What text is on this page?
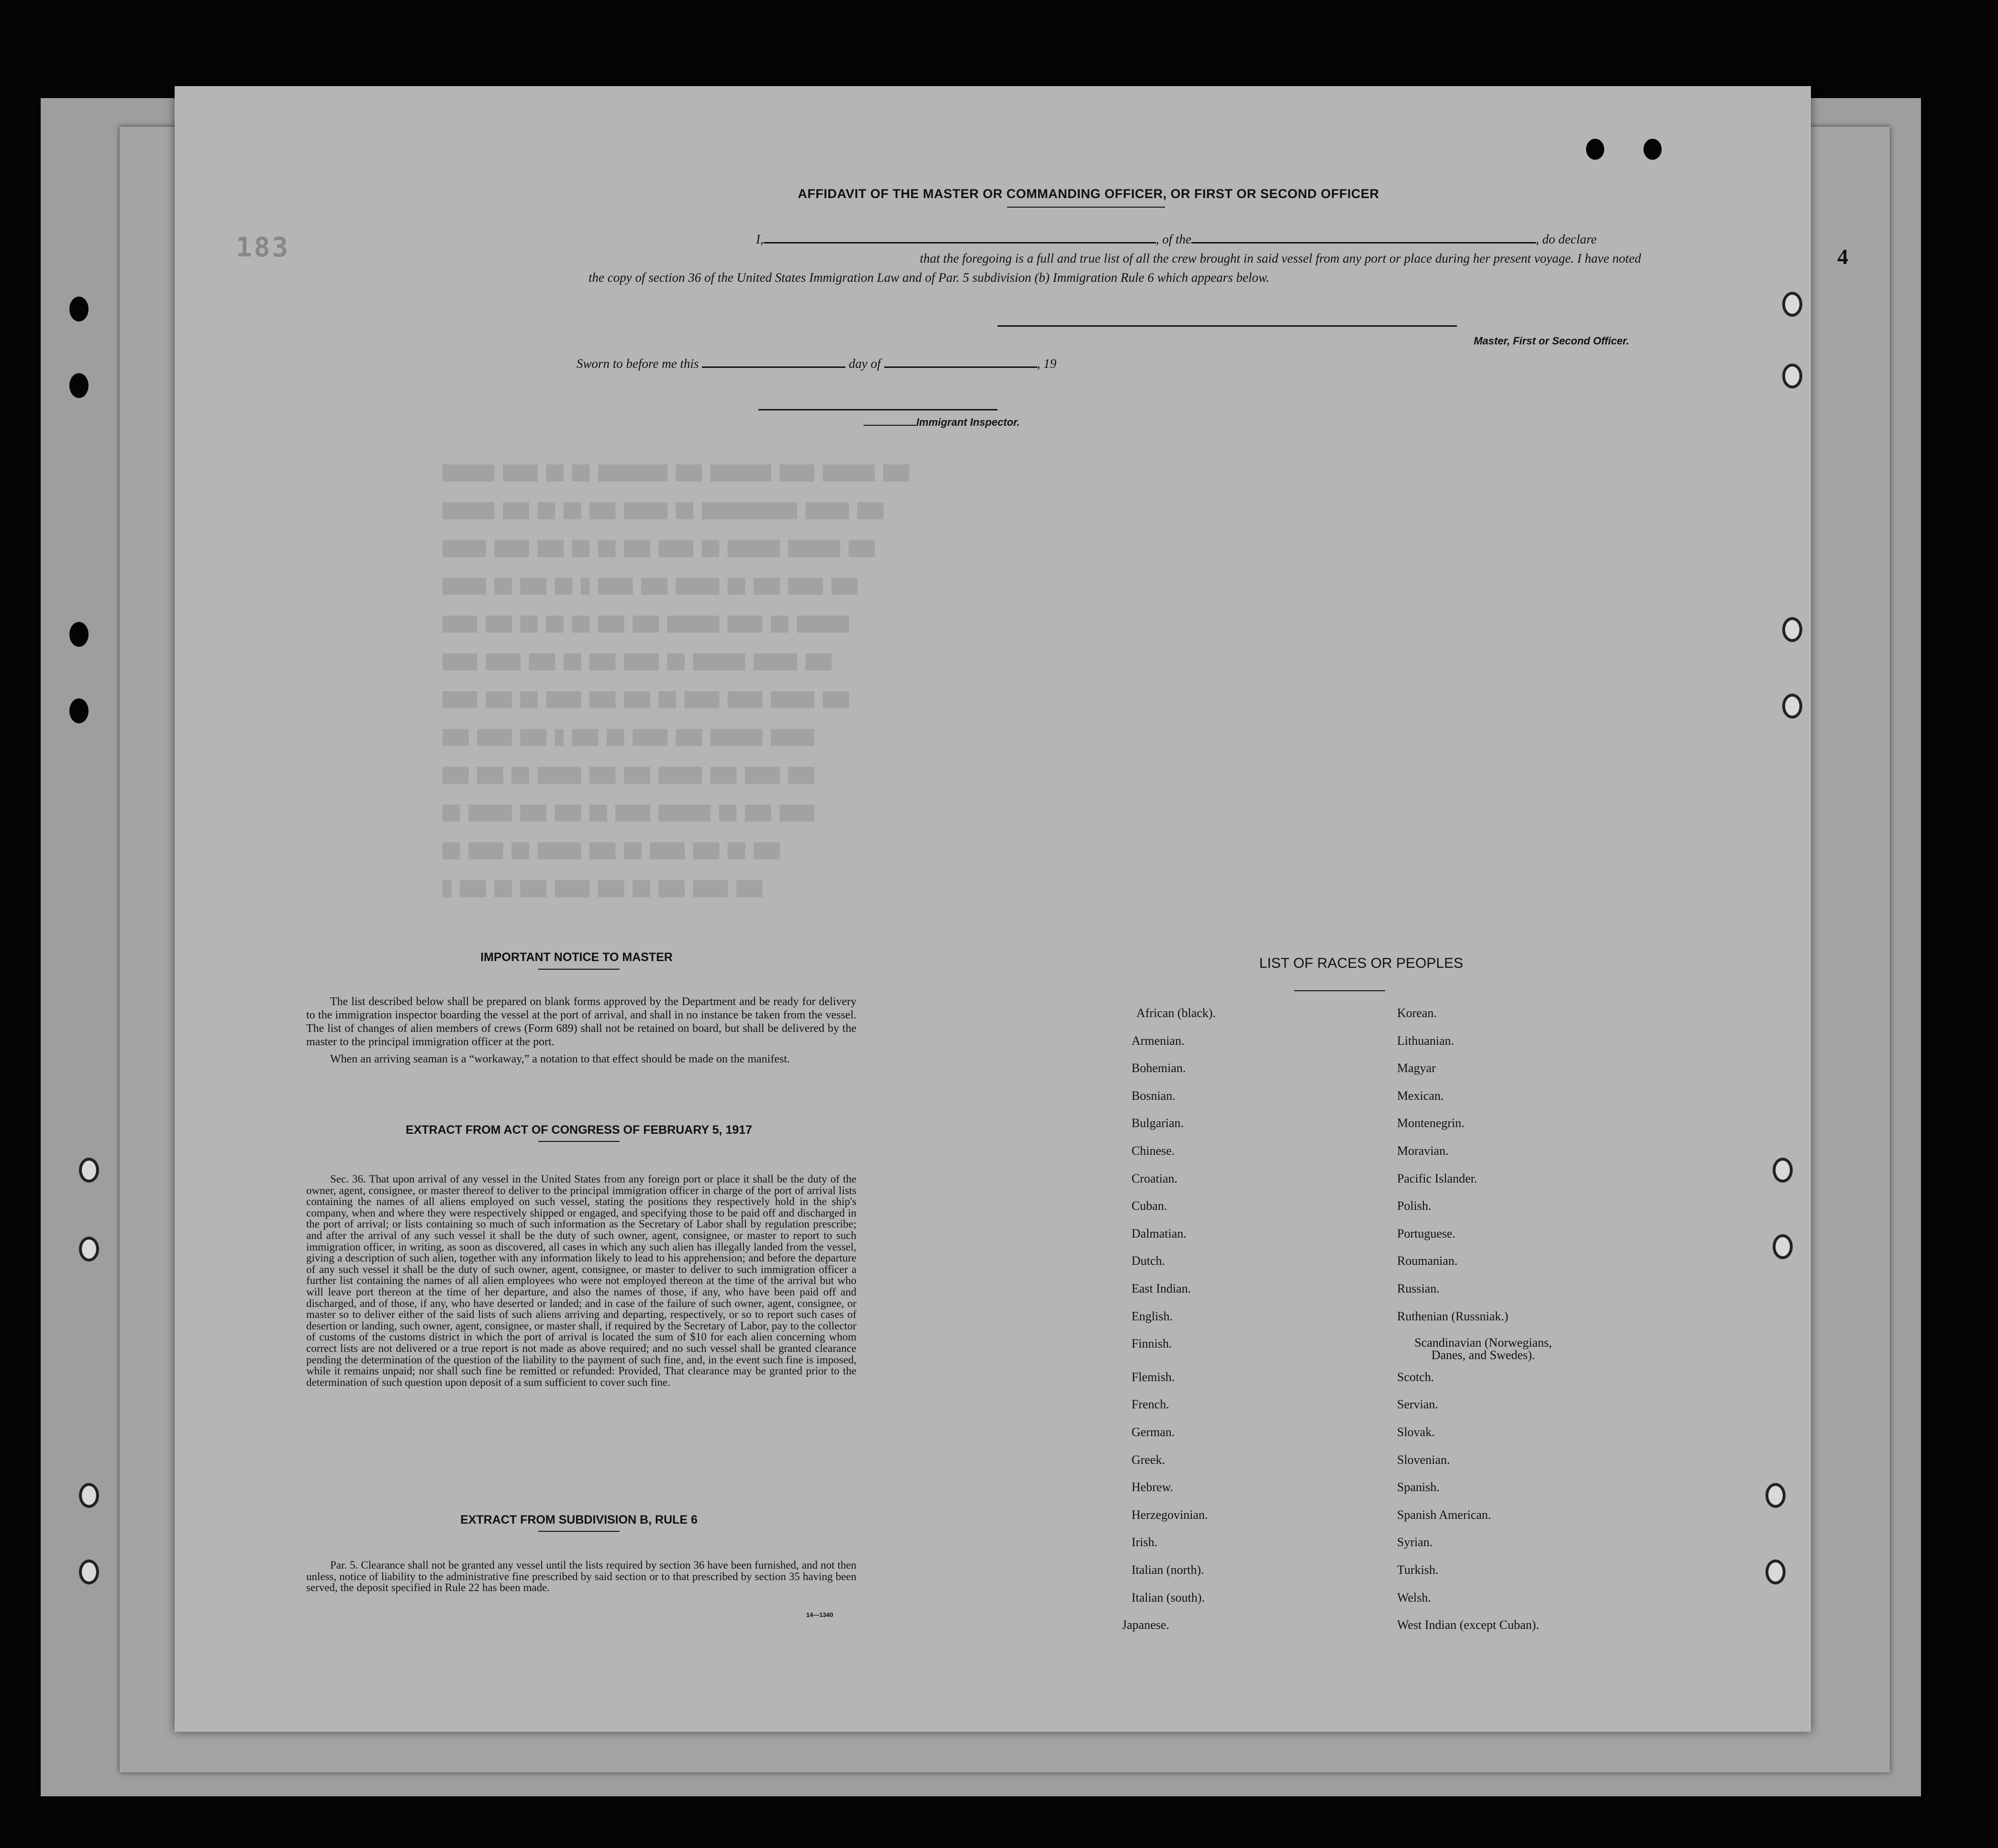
183	4
AFFIDAVIT OF THE MASTER OR COMMANDING OFFICER, OR FIRST OR SECOND OFFICER
I,	, of the	, do declare
that the foregoing is a full and true list of all the crew brought in said vessel from any port or place during her present voyage. I have noted
the copy of section 36 of the United States Immigration Law and of Par. 5 subdivision (b) Immigration Rule 6 which appears below.
Master, First or Second Officer.
Sworn to before me this	day of	, 19
Immigrant Inspector.
██████ ████ ██ ██ ████████ ███ ███████ ████ ██████ ███
██████ ███ ██ ██ ███ █████ ██ ███████████ █████ ███
█████ ████ ███ ██ ██ ███ ████ ██ ██████ ██████ ███
█████ ██ ███ ██ █ ████ ███ █████ ██ ███ ████ ███
████ ███ ██ ██ ██ ███ ███ ██████ ████ ██ ██████
████ ████ ███ ██ ███ ████ ██ ██████ █████ ███
████ ███ ██ ████ ███ ███ ██ ████ ████ █████ ███
███ ████ ███ █ ███ ██ ████ ███ ██████ █████
███ ███ ██ █████ ███ ███ █████ ███ ████ ███
██ █████ ███ ███ ██ ████ ██████ ██ ███ ████
██ ████ ██ █████ ███ ██ ████ ███ ██ ███
█ ███ ██ ███ ████ ███ ██ ███ ████ ███
IMPORTANT NOTICE TO MASTER

The list described below shall be prepared on blank forms approved by the Department and be ready for delivery to the immigration inspector boarding the vessel at the port of arrival, and shall in no instance be taken from the vessel. The list of changes of alien members of crews (Form 689) shall not be retained on board, but shall be delivered by the master to the principal immigration officer at the port.

When an arriving seaman is a “workaway,” a notation to that effect should be made on the manifest.

EXTRACT FROM ACT OF CONGRESS OF FEBRUARY 5, 1917
Sec. 36. That upon arrival of any vessel in the United States from any foreign port or place it shall be the duty of the owner, agent, consignee, or master thereof to deliver to the principal immigration officer in charge of the port of arrival lists containing the names of all aliens employed on such vessel, stating the positions they respectively hold in the ship's company, when and where they were respectively shipped or engaged, and specifying those to be paid off and discharged in the port of arrival; or lists containing so much of such information as the Secretary of Labor shall by regulation prescribe; and after the arrival of any such vessel it shall be the duty of such owner, agent, consignee, or master to report to such immigration officer, in writing, as soon as discovered, all cases in which any such alien has illegally landed from the vessel, giving a description of such alien, together with any information likely to lead to his apprehension; and before the departure of any such vessel it shall be the duty of such owner, agent, consignee, or master to deliver to such immigration officer a further list containing the names of all alien employees who were not employed thereon at the time of the arrival but who will leave port thereon at the time of her departure, and also the names of those, if any, who have been paid off and discharged, and of those, if any, who have deserted or landed; and in case of the failure of such owner, agent, consignee, or master so to deliver either of the said lists of such aliens arriving and departing, respectively, or so to report such cases of desertion or landing, such owner, agent, consignee, or master shall, if required by the Secretary of Labor, pay to the collector of customs of the customs district in which the port of arrival is located the sum of $10 for each alien concerning whom correct lists are not delivered or a true report is not made as above required; and no such vessel shall be granted clearance pending the determination of the question of the liability to the payment of such fine, and, in the event such fine is imposed, while it remains unpaid; nor shall such fine be remitted or refunded: Provided, That clearance may be granted prior to the determination of such question upon deposit of a sum sufficient to cover such fine.
EXTRACT FROM SUBDIVISION B, RULE 6
Par. 5. Clearance shall not be granted any vessel until the lists required by section 36 have been furnished, and not then unless, notice of liability to the administrative fine prescribed by said section or to that prescribed by section 35 having been served, the deposit specified in Rule 22 has been made.
14—1340
LIST OF RACES OR PEOPLES
African (black).
Armenian.
Bohemian.
Bosnian.
Bulgarian.
Chinese.
Croatian.
Cuban.
Dalmatian.
Dutch.
East Indian.
English.
Finnish.
Flemish.
French.
German.
Greek.
Hebrew.
Herzegovinian.
Irish.
Italian (north).
Italian (south).
Japanese.
Korean.
Lithuanian.
Magyar
Mexican.
Montenegrin.
Moravian.
Pacific Islander.
Polish.
Portuguese.
Roumanian.
Russian.
Ruthenian (Russniak.)
Scandinavian (Norwegians, Danes, and Swedes).
Scotch.
Servian.
Slovak.
Slovenian.
Spanish.
Spanish American.
Syrian.
Turkish.
Welsh.
West Indian (except Cuban).
